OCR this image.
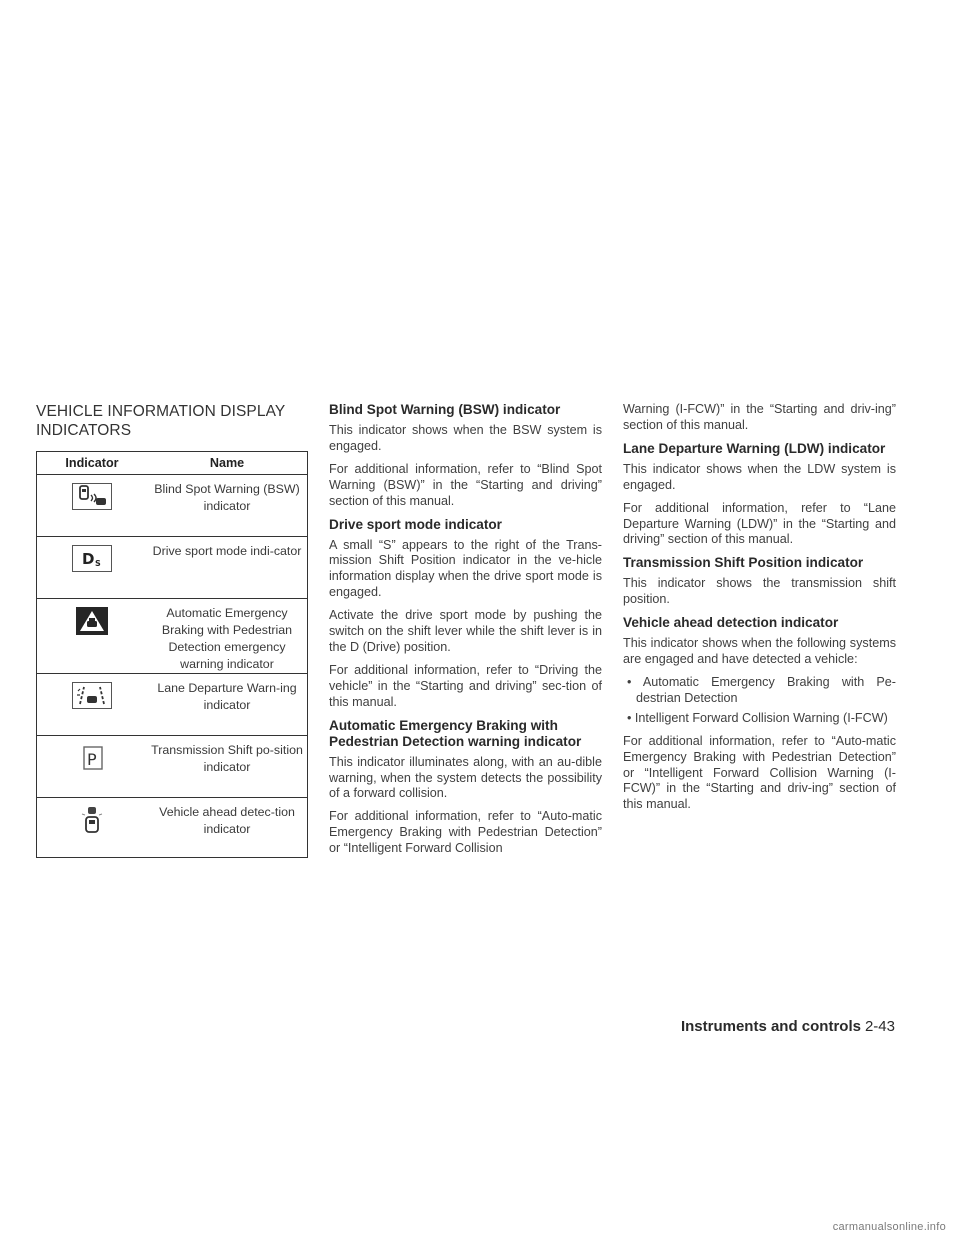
VEHICLE INFORMATION DISPLAY INDICATORS
Indicator	Name
	Blind Spot Warning (BSW) indicator

D S	Drive sport mode indi-cator
	Automatic Emergency Braking with Pedestrian Detection emergency warning indicator
	Lane Departure Warn-ing indicator

P	Transmission Shift po-sition indicator
	Vehicle ahead detec-tion indicator
Blind Spot Warning (BSW) indicator

This indicator shows when the BSW system is engaged.

For additional information, refer to “Blind Spot Warning (BSW)” in the “Starting and driving” section of this manual.

Drive sport mode indicator

A small “S” appears to the right of the Trans-mission Shift Position indicator in the ve-hicle information display when the drive sport mode is engaged.

Activate the drive sport mode by pushing the switch on the shift lever while the shift lever is in the D (Drive) position.

For additional information, refer to “Driving the vehicle” in the “Starting and driving” sec-tion of this manual.

Automatic Emergency Braking with Pedestrian Detection warning indicator

This indicator illuminates along, with an au-dible warning, when the system detects the possibility of a forward collision.

For additional information, refer to “Auto-matic Emergency Braking with Pedestrian Detection” or “Intelligent Forward Collision

Warning (I-FCW)” in the “Starting and driv-ing” section of this manual.

Lane Departure Warning (LDW) indicator

This indicator shows when the LDW system is engaged.

For additional information, refer to “Lane Departure Warning (LDW)” in the “Starting and driving” section of this manual.

Transmission Shift Position indicator

This indicator shows the transmission shift position.

Vehicle ahead detection indicator

This indicator shows when the following systems are engaged and have detected a vehicle:

• Automatic Emergency Braking with Pe-destrian Detection
• Intelligent Forward Collision Warning (I-FCW)

For additional information, refer to “Auto-matic Emergency Braking with Pedestrian Detection” or “Intelligent Forward Collision Warning (I-FCW)” in the “Starting and driv-ing” section of this manual.

Instruments and controls 2-43
carmanualsonline.info
